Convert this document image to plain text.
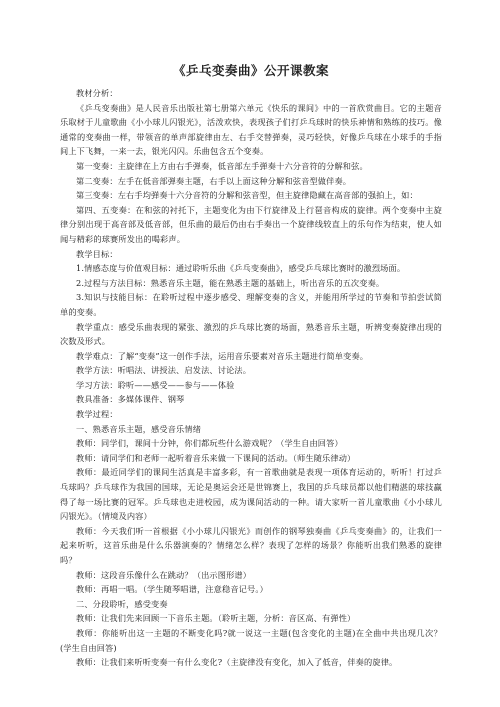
《乒乓变奏曲》公开课教案

教材分析：

《乒乓变奏曲》是人民音乐出版社第七册第六单元《快乐的课间》中的一首欣赏曲目。它的主题音乐取材于儿童歌曲《小小球儿闪银光》，活泼欢快，表现孩子们打乒乓球时的快乐神情和熟练的技巧。像通常的变奏曲一样，带领音的单声部旋律由左、右手交替弹奏，灵巧轻快，好像乒乓球在小球手的手指间上下飞舞，一来一去，银光闪闪。乐曲包含五个变奏。

第一变奏：主旋律在上方由右手弹奏，低音部左手弹奏十六分音符的分解和弦。

第二变奏：左手在低音部弹奏主题，右手以上面这种分解和弦音型做伴奏。

第三变奏：左右手均弹奏十六分音符的分解和弦音型，但主旋律隐藏在高音部的强拍上，如：

第四、五变奏：在和弦的衬托下，主题变化为由下行旋律及上行琶音构成的旋律。两个变奏中主旋律分别出现于高音部及低音部，但乐曲的最后仍由右手奏出一个旋律线较直上的乐句作为结束，使人如闻与精彩的球赛所发出的喝彩声。

教学目标：

1.情感态度与价值观目标：通过聆听乐曲《乒乓变奏曲》，感受乒乓球比赛时的激烈场面。

2.过程与方法目标：熟悉音乐主题，能在熟悉主题的基础上，听出音乐的五次变奏。

3.知识与技能目标：在聆听过程中逐步感受、理解变奏的含义，并能用所学过的节奏和节拍尝试简单的变奏。

教学重点：感受乐曲表现的紧张、激烈的乒乓球比赛的场面，熟悉音乐主题，听辨变奏旋律出现的次数及形式。

教学难点：了解“变奏”这一创作手法，运用音乐要素对音乐主题进行简单变奏。

教学方法：听唱法、讲授法、启发法、讨论法。

学习方法：聆听——感受——参与——体验

教具准备：多媒体课件、钢琴

教学过程：

一、熟悉音乐主题，感受音乐情绪

教师：同学们，课间十分钟，你们都玩些什么游戏呢？（学生自由回答）

教师：请同学们和老师一起听着音乐来做一下课间的活动。（师生随乐律动）

教师：最近同学们的课间生活真是丰富多彩，有一首歌曲就是表现一项体育运动的，听听！打过乒乓球吗？乒乓球作为我国的国球，无论是奥运会还是世锦赛上，我国的乒乓球员都以他们精湛的球技赢得了每一场比赛的冠军。乒乓球也走进校园，成为课间活动的一种。请大家听一首儿童歌曲《小小球儿闪银光》。（情境及内容）

教师：今天我们听一首根据《小小球儿闪银光》而创作的钢琴独奏曲《乒乓变奏曲》的，让我们一起来听听，这首乐曲是什么乐器演奏的？情绪怎么样？表现了怎样的场景？你能听出我们熟悉的旋律吗？

教师：这段音乐像什么在跳动？（出示图形谱）

教师：再唱一唱。（学生随琴唱谱，注意稳音记号。）

二、分段聆听，感受变奏

教师：让我们先来回顾一下音乐主题。（聆听主题，分析：音区高、有弹性）

教师：你能听出这一主题的不断变化吗?就一说这一主题(包含变化的主题)在全曲中共出现几次？　(学生自由回答)

教师：让我们来听听变奏一有什么变化?（主旋律没有变化，加入了低音，伴奏的旋律。
